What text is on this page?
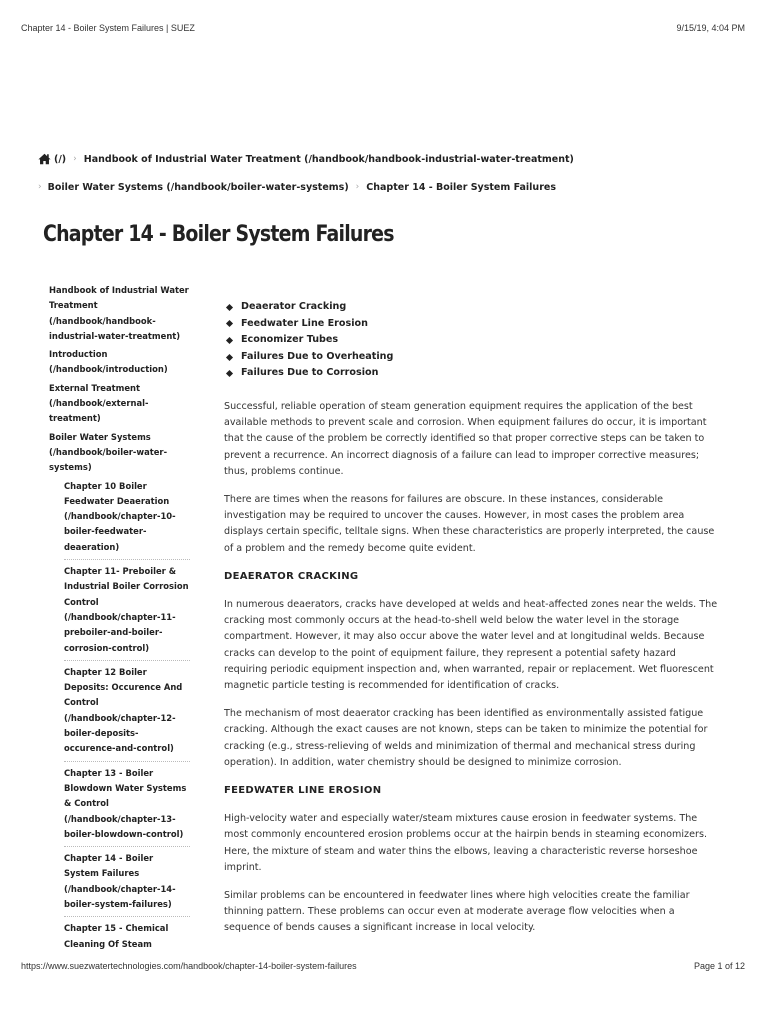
Chapter 14 - Boiler System Failures | SUEZ	9/15/19, 4:04 PM
(/) › Handbook of Industrial Water Treatment (/handbook/handbook-industrial-water-treatment)
› Boiler Water Systems (/handbook/boiler-water-systems) › Chapter 14 - Boiler System Failures
Chapter 14 - Boiler System Failures
Handbook of Industrial Water Treatment (/handbook/handbook-industrial-water-treatment)
Introduction (/handbook/introduction)
External Treatment (/handbook/external-treatment)
Boiler Water Systems (/handbook/boiler-water-systems)
Chapter 10 Boiler Feedwater Deaeration (/handbook/chapter-10-boiler-feedwater-deaeration)
Chapter 11- Preboiler & Industrial Boiler Corrosion Control (/handbook/chapter-11-preboiler-and-boiler-corrosion-control)
Chapter 12 Boiler Deposits: Occurence And Control (/handbook/chapter-12-boiler-deposits-occurence-and-control)
Chapter 13 - Boiler Blowdown Water Systems & Control (/handbook/chapter-13-boiler-blowdown-control)
Chapter 14 - Boiler System Failures (/handbook/chapter-14-boiler-system-failures)
Chapter 15 - Chemical Cleaning Of Steam
Deaerator Cracking
Feedwater Line Erosion
Economizer Tubes
Failures Due to Overheating
Failures Due to Corrosion

Successful, reliable operation of steam generation equipment requires the application of the best available methods to prevent scale and corrosion. When equipment failures do occur, it is important that the cause of the problem be correctly identified so that proper corrective steps can be taken to prevent a recurrence. An incorrect diagnosis of a failure can lead to improper corrective measures; thus, problems continue.

There are times when the reasons for failures are obscure. In these instances, considerable investigation may be required to uncover the causes. However, in most cases the problem area displays certain specific, telltale signs. When these characteristics are properly interpreted, the cause of a problem and the remedy become quite evident.

DEAERATOR CRACKING

In numerous deaerators, cracks have developed at welds and heat-affected zones near the welds. The cracking most commonly occurs at the head-to-shell weld below the water level in the storage compartment. However, it may also occur above the water level and at longitudinal welds. Because cracks can develop to the point of equipment failure, they represent a potential safety hazard requiring periodic equipment inspection and, when warranted, repair or replacement. Wet fluorescent magnetic particle testing is recommended for identification of cracks.

The mechanism of most deaerator cracking has been identified as environmentally assisted fatigue cracking. Although the exact causes are not known, steps can be taken to minimize the potential for cracking (e.g., stress-relieving of welds and minimization of thermal and mechanical stress during operation). In addition, water chemistry should be designed to minimize corrosion.

FEEDWATER LINE EROSION

High-velocity water and especially water/steam mixtures cause erosion in feedwater systems. The most commonly encountered erosion problems occur at the hairpin bends in steaming economizers. Here, the mixture of steam and water thins the elbows, leaving a characteristic reverse horseshoe imprint.

Similar problems can be encountered in feedwater lines where high velocities create the familiar thinning pattern. These problems can occur even at moderate average flow velocities when a sequence of bends causes a significant increase in local velocity.

https://www.suezwatertechnologies.com/handbook/chapter-14-boiler-system-failures	Page 1 of 12
